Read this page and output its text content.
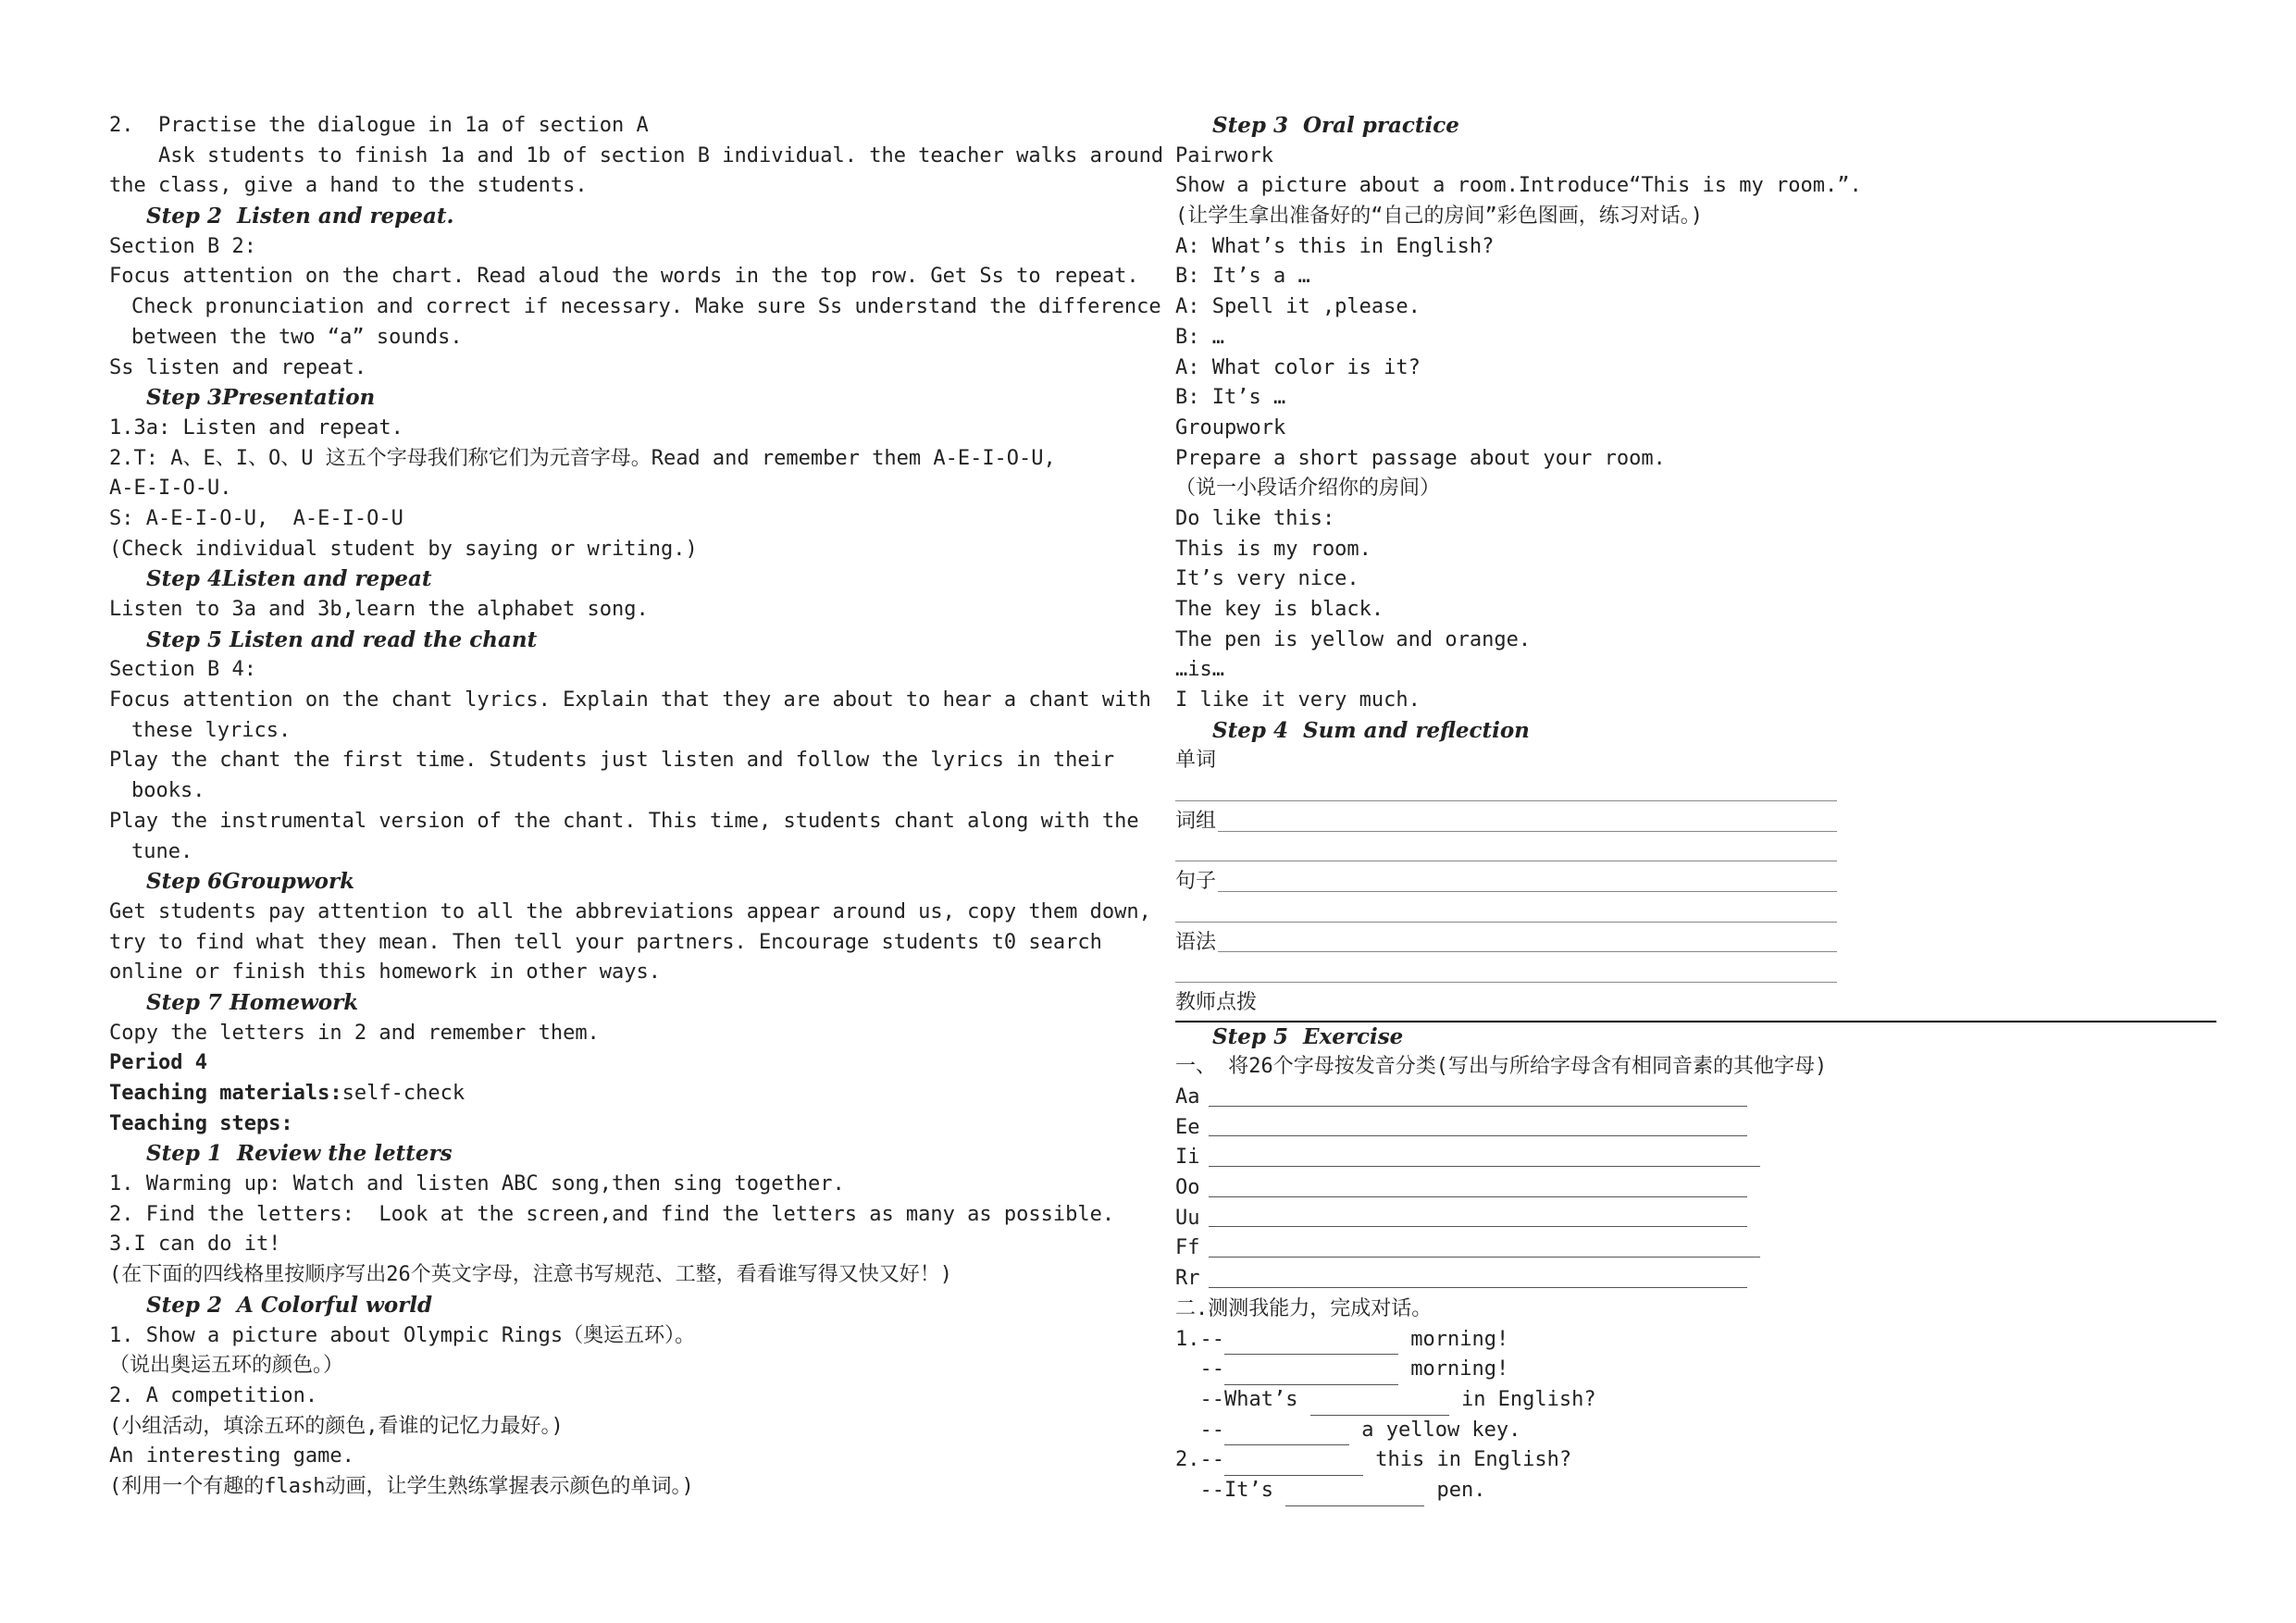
2.  Practise the dialogue in 1a of section A
Ask students to finish 1a and 1b of section B individual. the teacher walks around
the class, give a hand to the students.
Step 2  Listen and repeat.
Section B 2:
Focus attention on the chart. Read aloud the words in the top row. Get Ss to repeat.
Check pronunciation and correct if necessary. Make sure Ss understand the difference
between the two “a” sounds.
Ss listen and repeat.
Step 3Presentation
1.3a: Listen and repeat.
2.T: A、E、I、O、U 这五个字母我们称它们为元音字母。Read and remember them A-E-I-O-U,
A-E-I-O-U.
S: A-E-I-O-U,  A-E-I-O-U
(Check individual student by saying or writing.)
Step 4Listen and repeat
Listen to 3a and 3b,learn the alphabet song.
Step 5 Listen and read the chant
Section B 4:
Focus attention on the chant lyrics. Explain that they are about to hear a chant with
these lyrics.
Play the chant the first time. Students just listen and follow the lyrics in their
books.
Play the instrumental version of the chant. This time, students chant along with the
tune.
Step 6Groupwork
Get students pay attention to all the abbreviations appear around us, copy them down,
try to find what they mean. Then tell your partners. Encourage students t0 search
online or finish this homework in other ways.
Step 7 Homework
Copy the letters in 2 and remember them.
Period 4
Teaching materials:self-check
Teaching steps:
Step 1  Review the letters
1. Warming up: Watch and listen ABC song,then sing together.
2. Find the letters:  Look at the screen,and find the letters as many as possible.
3.I can do it!
(在下面的四线格里按顺序写出26个英文字母，注意书写规范、工整，看看谁写得又快又好！)
Step 2  A Colorful world
1. Show a picture about Olympic Rings（奥运五环）。
（说出奥运五环的颜色。）
2. A competition.
(小组活动，填涂五环的颜色,看谁的记忆力最好。)
An interesting game.
(利用一个有趣的flash动画，让学生熟练掌握表示颜色的单词。)
Step 3  Oral practice
Pairwork
Show a picture about a room.Introduce“This is my room.”.
(让学生拿出准备好的“自己的房间”彩色图画，练习对话。)
A: What’s this in English?
B: It’s a …
A: Spell it ,please.
B: …
A: What color is it?
B: It’s …
Groupwork
Prepare a short passage about your room.
（说一小段话介绍你的房间）
Do like this:
This is my room.
It’s very nice.
The key is black.
The pen is yellow and orange.
…is…
I like it very much.
Step 4  Sum and reflection
单词
词组
句子
语法
教师点拨
Step 5  Exercise
一、 将26个字母按发音分类(写出与所给字母含有相同音素的其他字母)
Aa
Ee
Ii
Oo
Uu
Ff
Rr
二.测测我能力，完成对话。
1.--	morning!
--	morning!
--What’s	in English?
--	a yellow key.
2.--	this in English?
--It’s	pen.
